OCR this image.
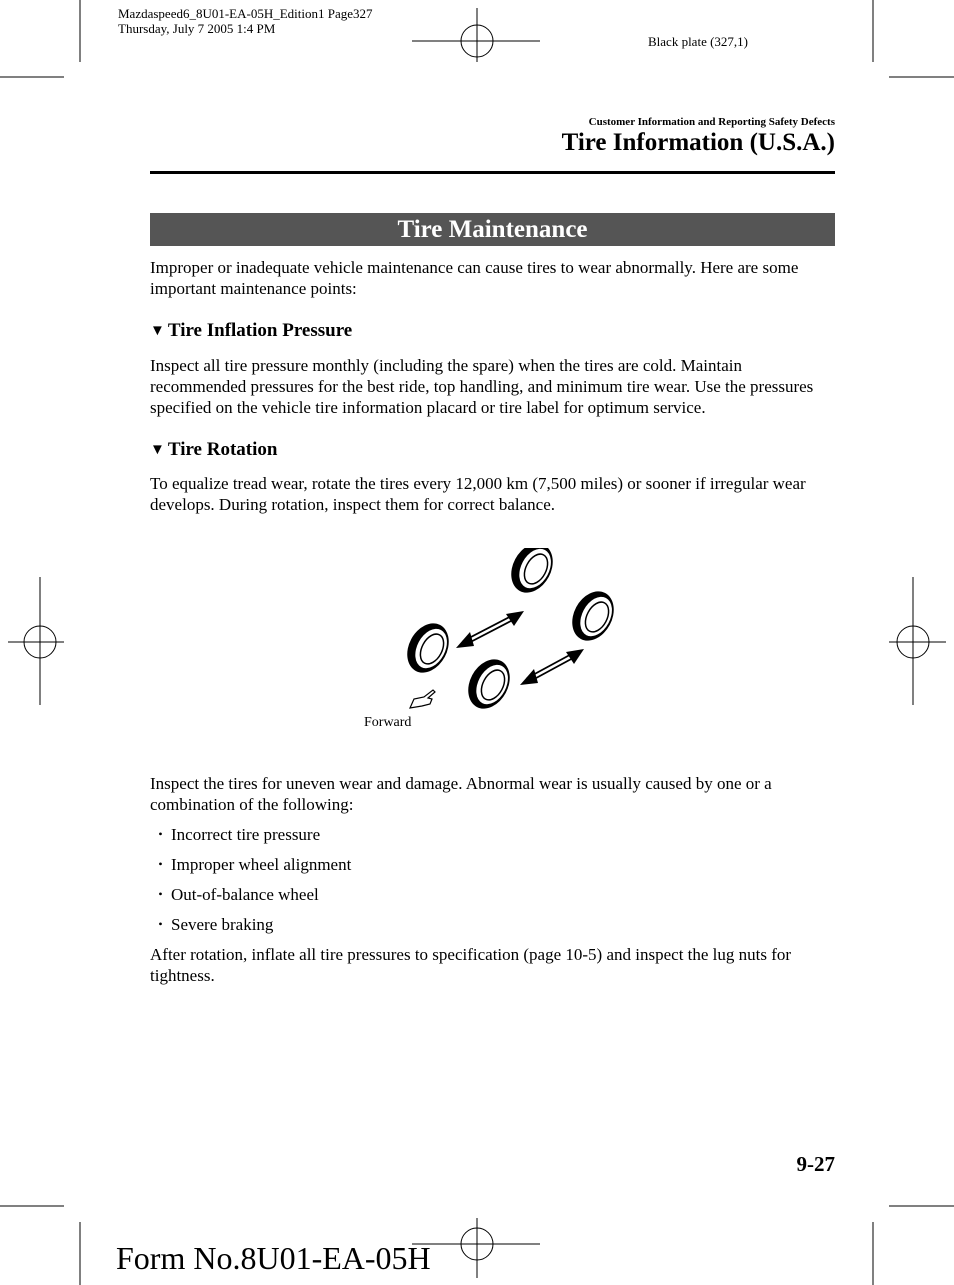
Mazdaspeed6_8U01-EA-05H_Edition1 Page327
Thursday, July 7 2005 1:4 PM
Black plate (327,1)
Customer Information and Reporting Safety Defects
Tire Information (U.S.A.)
Tire Maintenance

Improper or inadequate vehicle maintenance can cause tires to wear abnormally. Here are some important maintenance points:

▼ Tire Inflation Pressure

Inspect all tire pressure monthly (including the spare) when the tires are cold. Maintain recommended pressures for the best ride, top handling, and minimum tire wear. Use the pressures specified on the vehicle tire information placard or tire label for optimum service.

▼ Tire Rotation

To equalize tread wear, rotate the tires every 12,000 km (7,500 miles) or sooner if irregular wear develops. During rotation, inspect them for correct balance.

Forward

Inspect the tires for uneven wear and damage. Abnormal wear is usually caused by one or a combination of the following:

• Incorrect tire pressure
• Improper wheel alignment
• Out-of-balance wheel
• Severe braking

After rotation, inflate all tire pressures to specification (page 10-5) and inspect the lug nuts for tightness.

9-27
Form No.8U01-EA-05H
